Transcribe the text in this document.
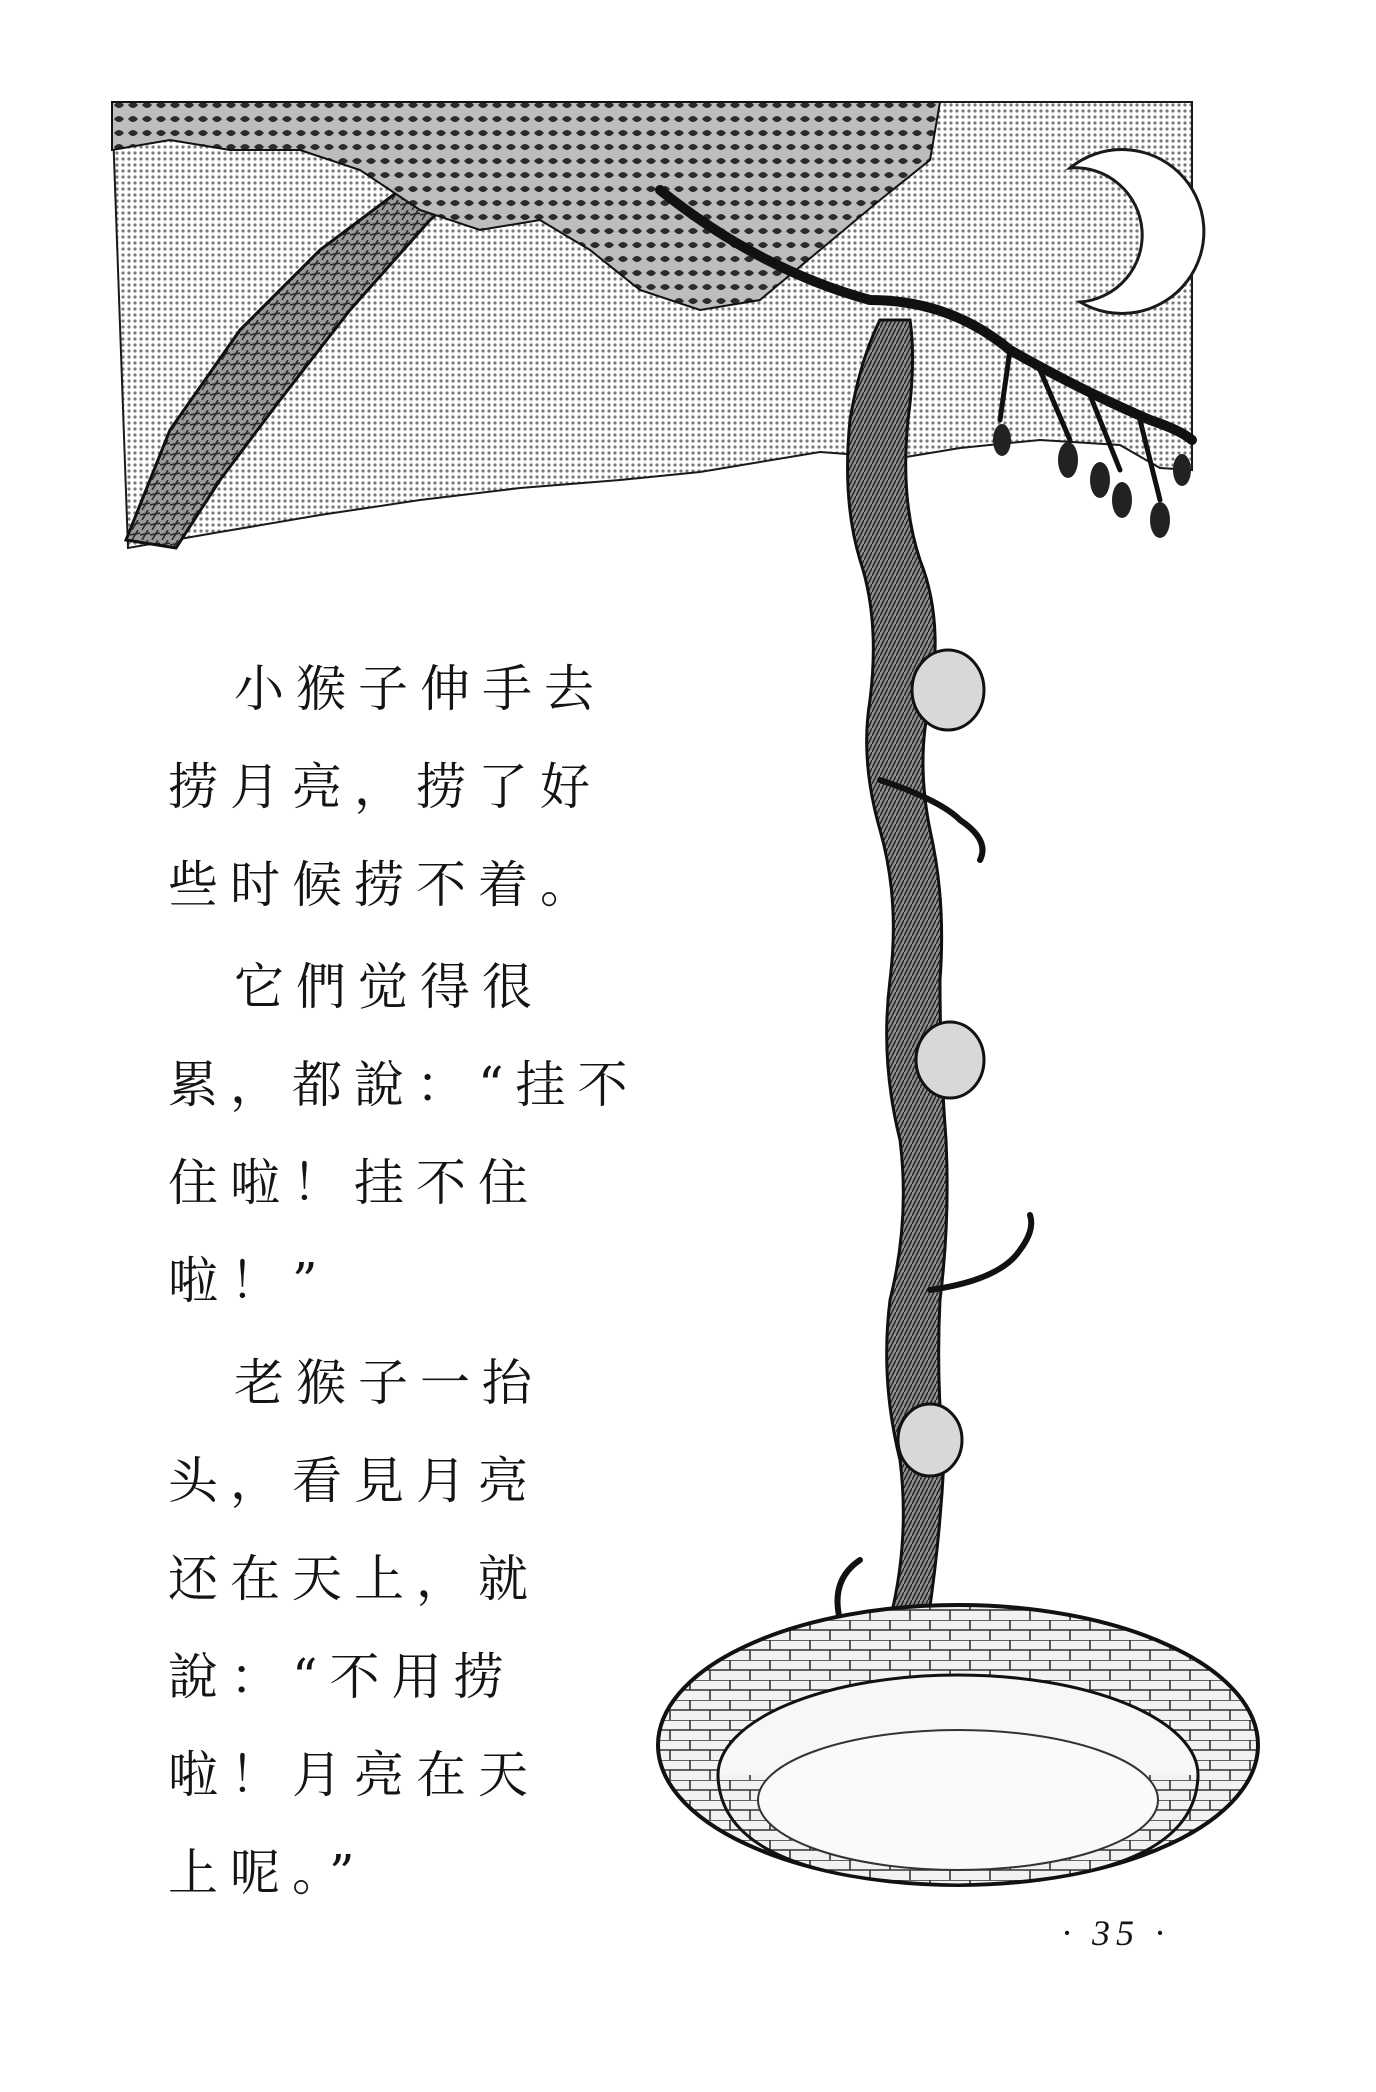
小猴子伸手去
捞月亮，捞了好
些时候捞不着。

它們觉得很
累，都說：“挂不
住啦！挂不住
啦！”

老猴子一抬
头，看見月亮
还在天上，就
說：“不用捞
啦！月亮在天
上呢。”

· 35 ·
